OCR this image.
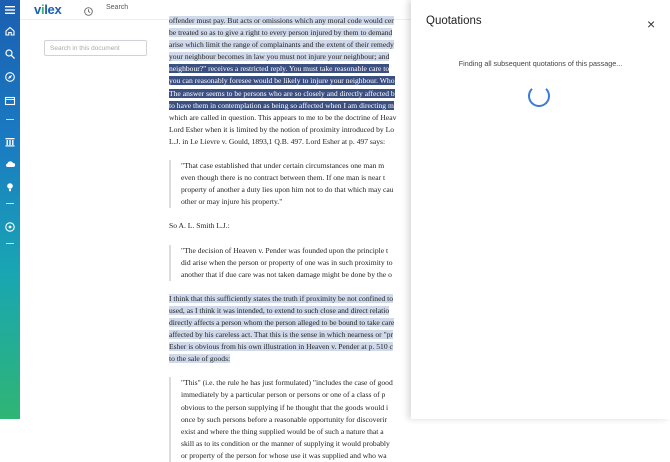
vilex	Search
Search in this document
offender must pay. But acts or omissions which any moral code would cer
be treated so as to give a right to every person injured by them to demand
arise which limit the range of complainants and the extent of their remedy
your neighbour becomes in law you must not injure your neighbour; and
neighbour?" receives a restricted reply. You must take reasonable care to
you can reasonably foresee would be likely to injure your neighbour. Who
The answer seems to be persons who are so closely and directly affected b
to have them in contemplation as being so affected when I am directing m
which are called in question. This appears to me to be the doctrine of Heav
Lord Esher when it is limited by the notion of proximity introduced by Lo
L.J. in Le Lievre v. Gould, 1893,1 Q.B. 497. Lord Esher at p. 497 says:
"That case established that under certain circumstances one man m
even though there is no contract between them. If one man is near t
property of another a duty lies upon him not to do that which may cau
other or may injure his property."
So A. L. Smith L.J.:
"The decision of Heaven v. Pender was founded upon the principle t
did arise when the person or property of one was in such proximity to
another that if due care was not taken damage might be done by the o
I think that this sufficiently states the truth if proximity be not confined to
used, as I think it was intended, to extend to such close and direct relatio
directly affects a person whom the person alleged to be bound to take care
affected by his careless act. That this is the sense in which nearness or "pr
Esher is obvious from his own illustration in Heaven v. Pender at p. 510 c
to the sale of goods:
"This" (i.e. the rule he has just formulated) "includes the case of good
immediately by a particular person or persons or one of a class of p
obvious to the person supplying if he thought that the goods would i
once by such persons before a reasonable opportunity for discoverir
exist and where the thing supplied would be of such a nature that a
skill as to its condition or the manner of supplying it would probably
or property of the person for whose use it was supplied and who wa
Quotations	×
Finding all subsequent quotations of this passage...
